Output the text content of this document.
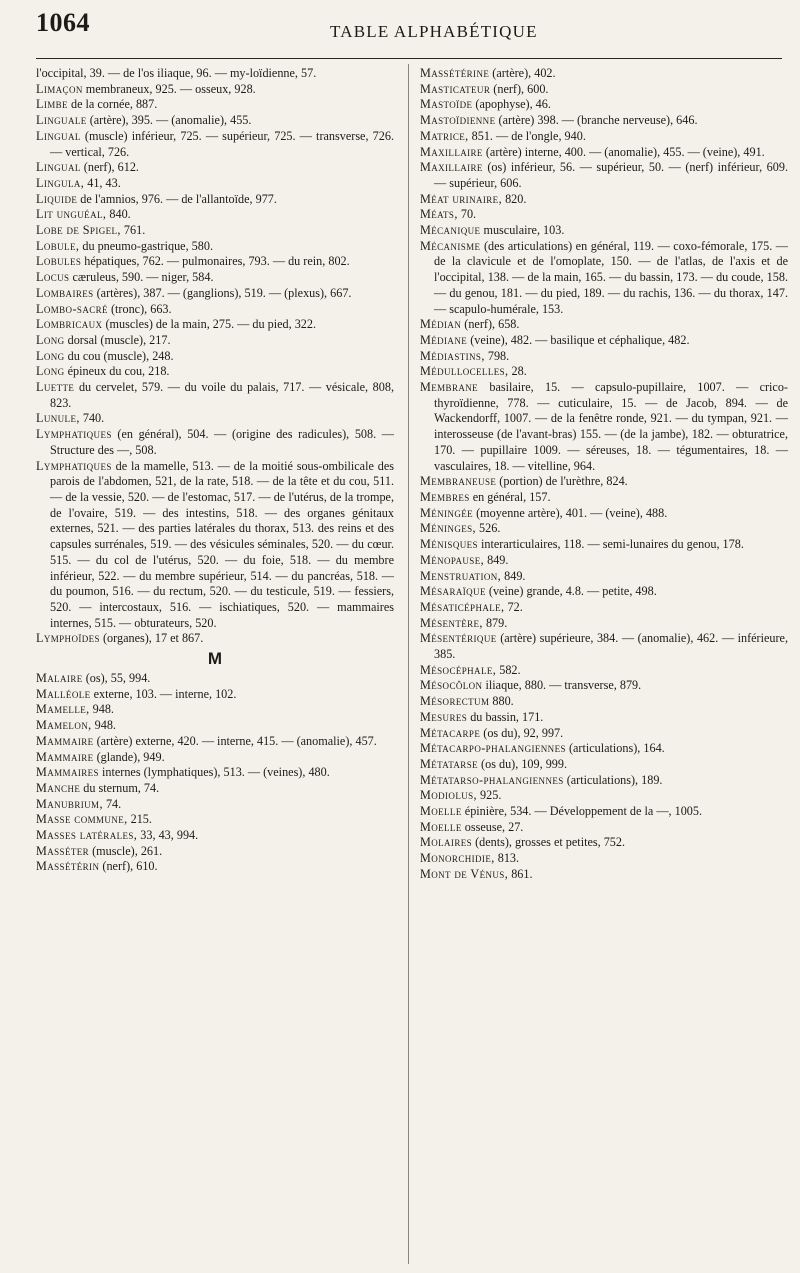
1064	TABLE ALPHABÉTIQUE

l'occipital, 39. — de l'os iliaque, 96. — my-loïdienne, 57.

Limaçon membraneux, 925. — osseux, 928.

Limbe de la cornée, 887.

Linguale (artère), 395. — (anomalie), 455.

Lingual (muscle) inférieur, 725. — supérieur, 725. — transverse, 726. — vertical, 726.

Lingual (nerf), 612.

Lingula, 41, 43.

Liquide de l'amnios, 976. — de l'allantoïde, 977.

Lit unguéal, 840.

Lobe de Spigel, 761.

Lobule, du pneumo-gastrique, 580.

Lobules hépatiques, 762. — pulmonaires, 793. — du rein, 802.

Locus cæruleus, 590. — niger, 584.

Lombaires (artères), 387. — (ganglions), 519. — (plexus), 667.

Lombo-sacré (tronc), 663.

Lombricaux (muscles) de la main, 275. — du pied, 322.

Long dorsal (muscle), 217.

Long du cou (muscle), 248.

Long épineux du cou, 218.

Luette du cervelet, 579. — du voile du palais, 717. — vésicale, 808, 823.

Lunule, 740.

Lymphatiques (en général), 504. — (origine des radicules), 508. — Structure des —, 508.

Lymphatiques de la mamelle, 513. — de la moitié sous-ombilicale des parois de l'abdomen, 521, de la rate, 518. — de la tête et du cou, 511. — de la vessie, 520. — de l'estomac, 517. — de l'utérus, de la trompe, de l'ovaire, 519. — des intestins, 518. — des organes génitaux externes, 521. — des parties latérales du thorax, 513. des reins et des capsules surrénales, 519. — des vésicules séminales, 520. — du cœur. 515. — du col de l'utérus, 520. — du foie, 518. — du membre inférieur, 522. — du membre supérieur, 514. — du pancréas, 518. — du poumon, 516. — du rectum, 520. — du testicule, 519. — fessiers, 520. — intercostaux, 516. — ischiatiques, 520. — mammaires internes, 515. — obturateurs, 520.

Lymphoïdes (organes), 17 et 867.

M

Malaire (os), 55, 994.

Malléole externe, 103. — interne, 102.

Mamelle, 948.

Mamelon, 948.

Mammaire (artère) externe, 420. — interne, 415. — (anomalie), 457.

Mammaire (glande), 949.

Mammaires internes (lymphatiques), 513. — (veines), 480.

Manche du sternum, 74.

Manubrium, 74.

Masse commune, 215.

Masses latérales, 33, 43, 994.

Masséter (muscle), 261.

Massétérin (nerf), 610.

Massétérine (artère), 402.

Masticateur (nerf), 600.

Mastoïde (apophyse), 46.

Mastoïdienne (artère) 398. — (branche nerveuse), 646.

Matrice, 851. — de l'ongle, 940.

Maxillaire (artère) interne, 400. — (anomalie), 455. — (veine), 491.

Maxillaire (os) inférieur, 56. — supérieur, 50. — (nerf) inférieur, 609. — supérieur, 606.

Méat urinaire, 820.

Méats, 70.

Mécanique musculaire, 103.

Mécanisme (des articulations) en général, 119. — coxo-fémorale, 175. — de la clavicule et de l'omoplate, 150. — de l'atlas, de l'axis et de l'occipital, 138. — de la main, 165. — du bassin, 173. — du coude, 158. — du genou, 181. — du pied, 189. — du rachis, 136. — du thorax, 147. — scapulo-humérale, 153.

Médian (nerf), 658.

Médiane (veine), 482. — basilique et céphalique, 482.

Médiastins, 798.

Médullocelles, 28.

Membrane basilaire, 15. — capsulo-pupillaire, 1007. — crico-thyroïdienne, 778. — cuticulaire, 15. — de Jacob, 894. — de Wackendorff, 1007. — de la fenêtre ronde, 921. — du tympan, 921. — interosseuse (de l'avant-bras) 155. — (de la jambe), 182. — obturatrice, 170. — pupillaire 1009. — séreuses, 18. — tégumentaires, 18. — vasculaires, 18. — vitelline, 964.

Membraneuse (portion) de l'urèthre, 824.

Membres en général, 157.

Méningée (moyenne artère), 401. — (veine), 488.

Méninges, 526.

Ménisques interarticulaires, 118. — semi-lunaires du genou, 178.

Ménopause, 849.

Menstruation, 849.

Mésaraïque (veine) grande, 4.8. — petite, 498.

Mésaticéphale, 72.

Mésentère, 879.

Mésentérique (artère) supérieure, 384. — (anomalie), 462. — inférieure, 385.

Mésocéphale, 582.

Mésocôlon iliaque, 880. — transverse, 879.

Mésorectum 880.

Mesures du bassin, 171.

Métacarpe (os du), 92, 997.

Métacarpo-phalangiennes (articulations), 164.

Métatarse (os du), 109, 999.

Métatarso-phalangiennes (articulations), 189.

Modiolus, 925.

Moelle épinière, 534. — Développement de la —, 1005.

Moelle osseuse, 27.

Molaires (dents), grosses et petites, 752.

Monorchidie, 813.

Mont de Vénus, 861.
